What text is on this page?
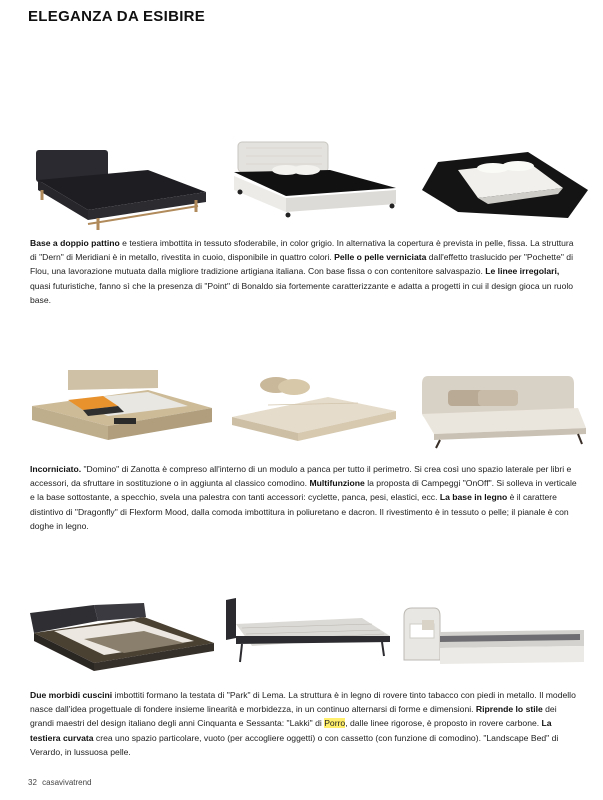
ELEGANZA DA ESIBIRE
Base a doppio pattino e testiera imbottita in tessuto sfoderabile, in color grigio. In alternativa la copertura è prevista in pelle, fissa. La struttura di "Dern" di Meridiani è in metallo, rivestita in cuoio, disponibile in quattro colori. Pelle o pelle verniciata dall'effetto traslucido per "Pochette" di Flou, una lavorazione mutuata dalla migliore tradizione artigiana italiana. Con base fissa o con contenitore salvaspazio. Le linee irregolari, quasi futuristiche, fanno sì che la presenza di "Point" di Bonaldo sia fortemente caratterizzante e adatta a progetti in cui il design gioca un ruolo base.
Incorniciato. "Domino" di Zanotta è compreso all'interno di un modulo a panca per tutto il perimetro. Si crea così uno spazio laterale per libri e accessori, da sfruttare in sostituzione o in aggiunta al classico comodino. Multifunzione la proposta di Campeggi "OnOff". Si solleva in verticale e la base sottostante, a specchio, svela una palestra con tanti accessori: cyclette, panca, pesi, elastici, ecc. La base in legno è il carattere distintivo di "Dragonfly" di Flexform Mood, dalla comoda imbottitura in poliuretano e dacron. Il rivestimento è in tessuto o pelle; il pianale è con doghe in legno.
Due morbidi cuscini imbottiti formano la testata di "Park" di Lema. La struttura è in legno di rovere tinto tabacco con piedi in metallo. Il modello nasce dall'idea progettuale di fondere insieme linearità e morbidezza, in un continuo alternarsi di forme e dimensioni. Riprende lo stile dei grandi maestri del design italiano degli anni Cinquanta e Sessanta: "Lakki" di Porro, dalle linee rigorose, è proposto in rovere carbone. La testiera curvata crea uno spazio particolare, vuoto (per accogliere oggetti) o con cassetto (con funzione di comodino). "Landscape Bed" di Verardo, in lussuosa pelle.
32 casavivatrend
